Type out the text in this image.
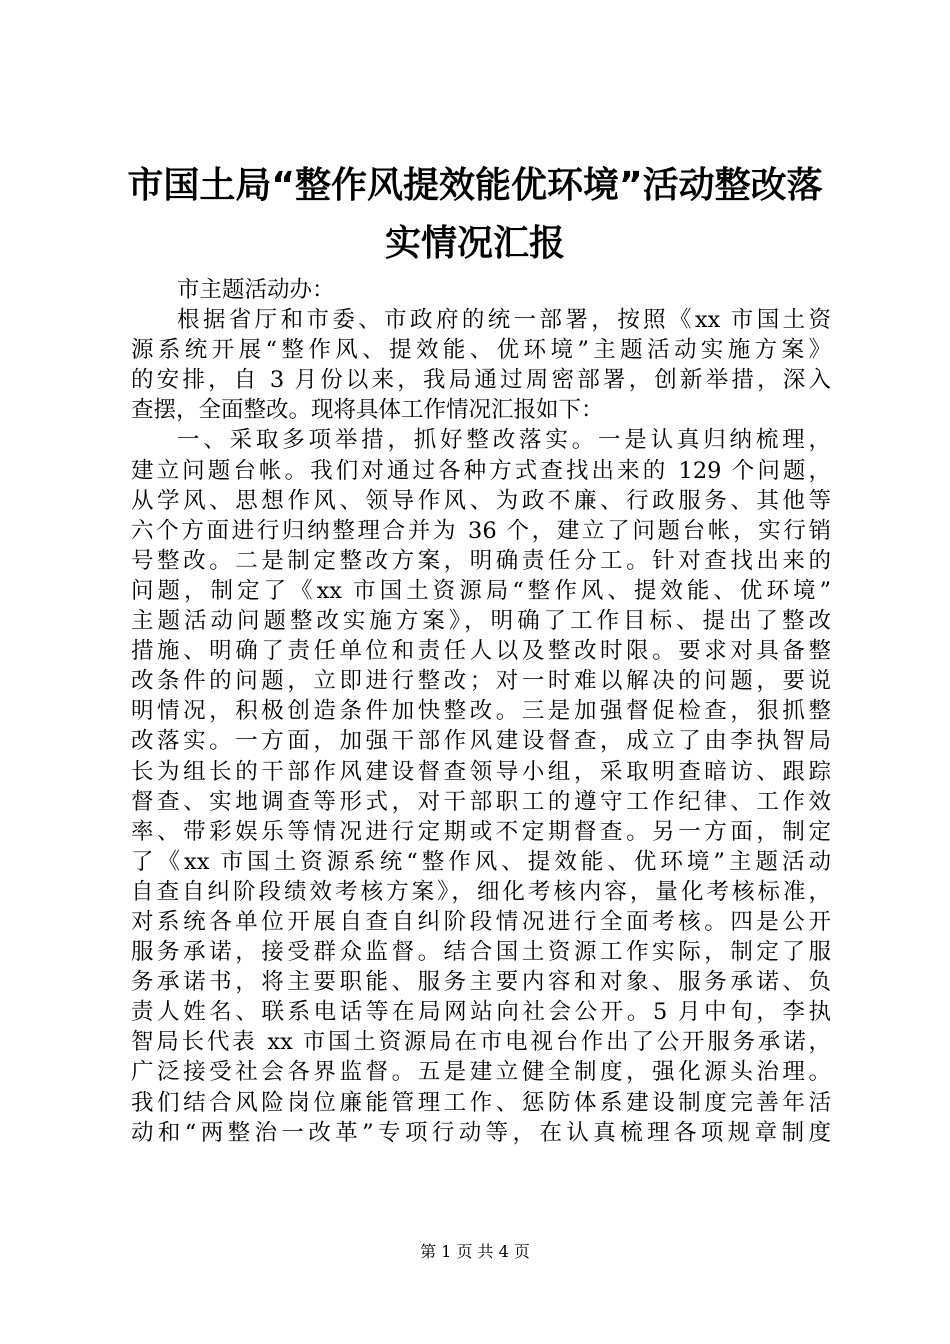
市国土局“整作风提效能优环境”活动整改落
实情况汇报
市主题活动办：
根据省厅和市委、市政府的统一部署，按照《xx 市国土资
源系统开展“整作风、提效能、优环境”主题活动实施方案》
的安排，自 3 月份以来，我局通过周密部署，创新举措，深入
查摆，全面整改。现将具体工作情况汇报如下：
一、采取多项举措，抓好整改落实。一是认真归纳梳理，
建立问题台帐。我们对通过各种方式查找出来的 129 个问题，
从学风、思想作风、领导作风、为政不廉、行政服务、其他等
六个方面进行归纳整理合并为 36 个，建立了问题台帐，实行销
号整改。二是制定整改方案，明确责任分工。针对查找出来的
问题，制定了《xx 市国土资源局“整作风、提效能、优环境”
主题活动问题整改实施方案》，明确了工作目标、提出了整改
措施、明确了责任单位和责任人以及整改时限。要求对具备整
改条件的问题，立即进行整改；对一时难以解决的问题，要说
明情况，积极创造条件加快整改。三是加强督促检查，狠抓整
改落实。一方面，加强干部作风建设督查，成立了由李执智局
长为组长的干部作风建设督查领导小组，采取明查暗访、跟踪
督查、实地调查等形式，对干部职工的遵守工作纪律、工作效
率、带彩娱乐等情况进行定期或不定期督查。另一方面，制定
了《xx 市国土资源系统“整作风、提效能、优环境”主题活动
自查自纠阶段绩效考核方案》，细化考核内容，量化考核标准，
对系统各单位开展自查自纠阶段情况进行全面考核。四是公开
服务承诺，接受群众监督。结合国土资源工作实际，制定了服
务承诺书，将主要职能、服务主要内容和对象、服务承诺、负
责人姓名、联系电话等在局网站向社会公开。5 月中旬，李执
智局长代表 xx 市国土资源局在市电视台作出了公开服务承诺，
广泛接受社会各界监督。五是建立健全制度，强化源头治理。
我们结合风险岗位廉能管理工作、惩防体系建设制度完善年活
动和“两整治一改革”专项行动等，在认真梳理各项规章制度
第 1 页 共 4 页
